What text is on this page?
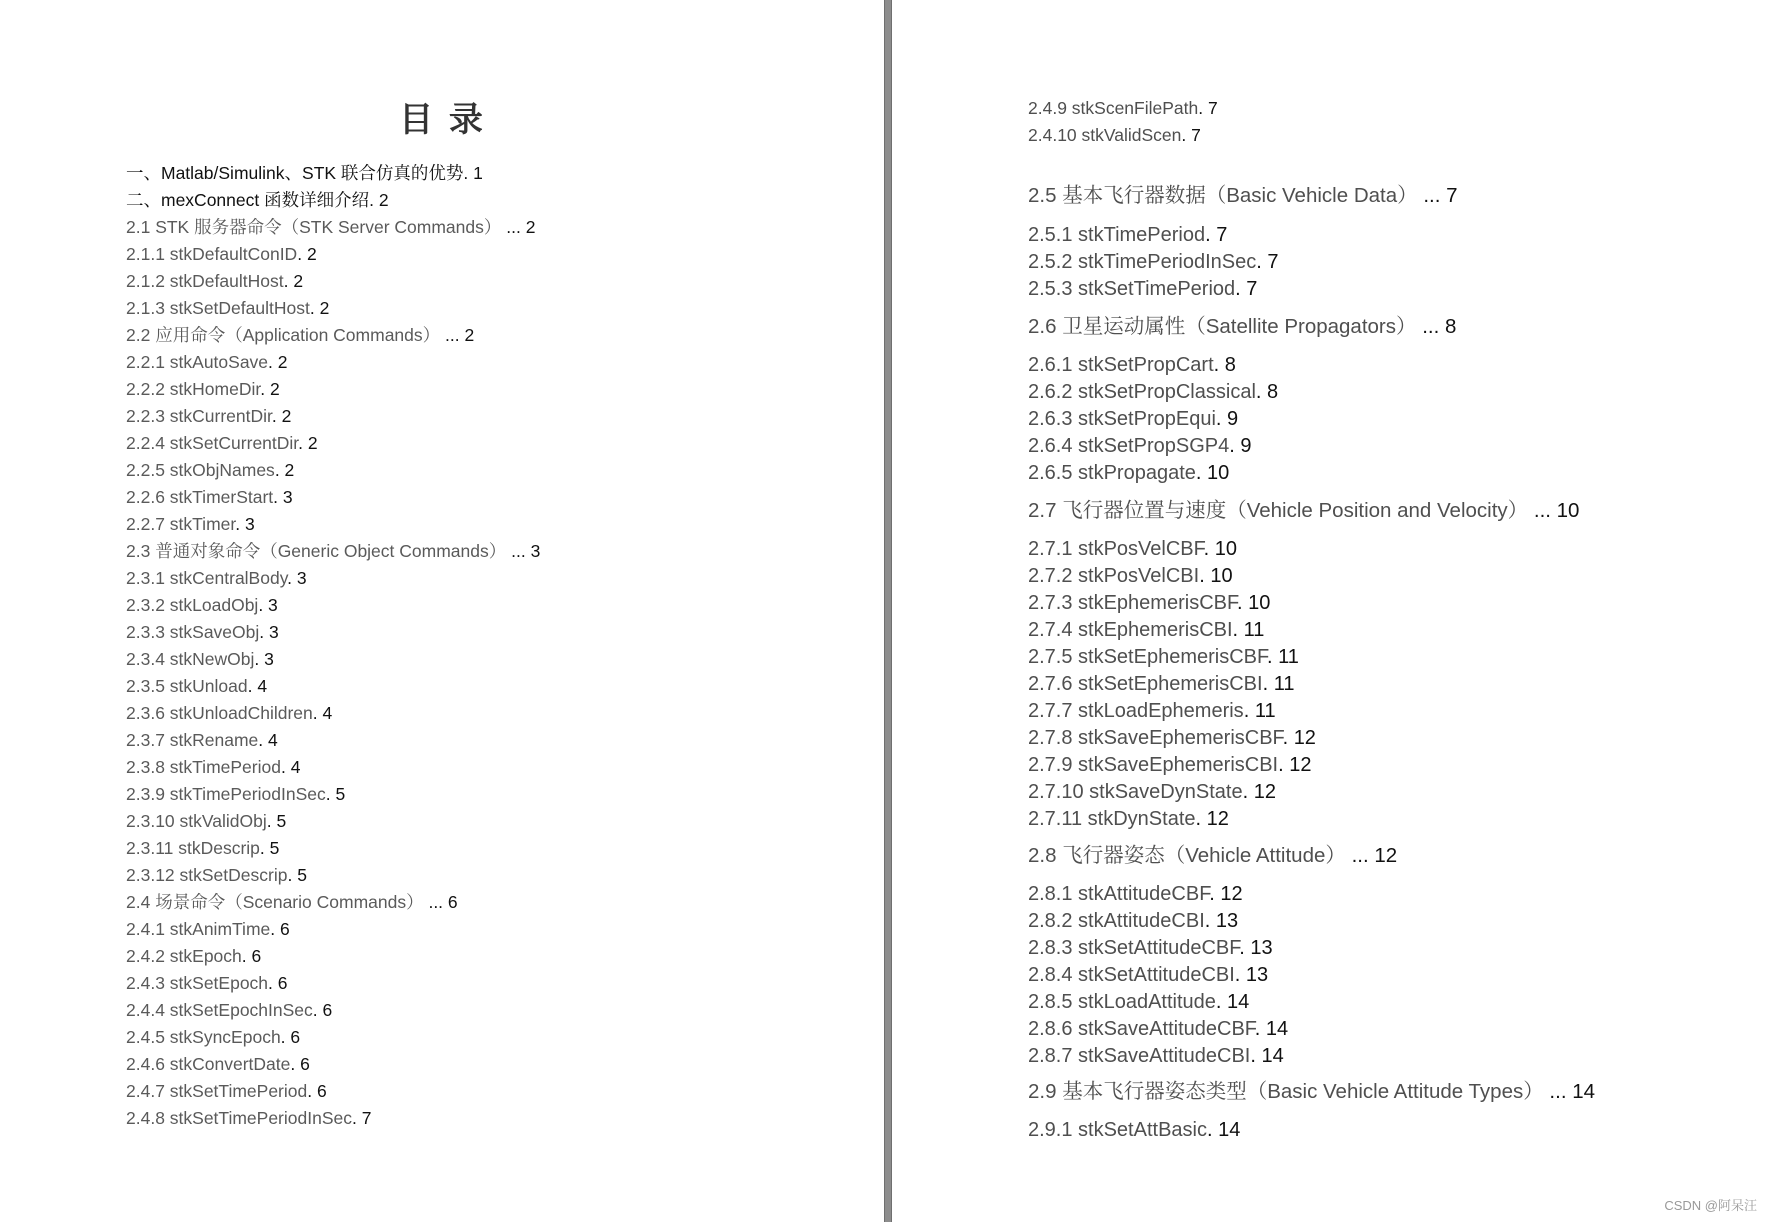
目 录
一、Matlab/Simulink、STK 联合仿真的优势. 1
二、mexConnect 函数详细介绍. 2
2.1 STK 服务器命令（STK Server Commands） ... 2
2.1.1 stkDefaultConID. 2
2.1.2 stkDefaultHost. 2
2.1.3 stkSetDefaultHost. 2
2.2 应用命令（Application Commands） ... 2
2.2.1 stkAutoSave. 2
2.2.2 stkHomeDir. 2
2.2.3 stkCurrentDir. 2
2.2.4 stkSetCurrentDir. 2
2.2.5 stkObjNames. 2
2.2.6 stkTimerStart. 3
2.2.7 stkTimer. 3
2.3 普通对象命令（Generic Object Commands） ... 3
2.3.1 stkCentralBody. 3
2.3.2 stkLoadObj. 3
2.3.3 stkSaveObj. 3
2.3.4 stkNewObj. 3
2.3.5 stkUnload. 4
2.3.6 stkUnloadChildren. 4
2.3.7 stkRename. 4
2.3.8 stkTimePeriod. 4
2.3.9 stkTimePeriodInSec. 5
2.3.10 stkValidObj. 5
2.3.11 stkDescrip. 5
2.3.12 stkSetDescrip. 5
2.4 场景命令（Scenario Commands） ... 6
2.4.1 stkAnimTime. 6
2.4.2 stkEpoch. 6
2.4.3 stkSetEpoch. 6
2.4.4 stkSetEpochInSec. 6
2.4.5 stkSyncEpoch. 6
2.4.6 stkConvertDate. 6
2.4.7 stkSetTimePeriod. 6
2.4.8 stkSetTimePeriodInSec. 7
2.4.9 stkScenFilePath. 7
2.4.10 stkValidScen. 7
2.5 基本飞行器数据（Basic Vehicle Data） ... 7
2.5.1 stkTimePeriod. 7
2.5.2 stkTimePeriodInSec. 7
2.5.3 stkSetTimePeriod. 7
2.6 卫星运动属性（Satellite Propagators） ... 8
2.6.1 stkSetPropCart. 8
2.6.2 stkSetPropClassical. 8
2.6.3 stkSetPropEqui. 9
2.6.4 stkSetPropSGP4. 9
2.6.5 stkPropagate. 10
2.7 飞行器位置与速度（Vehicle Position and Velocity） ... 10
2.7.1 stkPosVelCBF. 10
2.7.2 stkPosVelCBI. 10
2.7.3 stkEphemerisCBF. 10
2.7.4 stkEphemerisCBI. 11
2.7.5 stkSetEphemerisCBF. 11
2.7.6 stkSetEphemerisCBI. 11
2.7.7 stkLoadEphemeris. 11
2.7.8 stkSaveEphemerisCBF. 12
2.7.9 stkSaveEphemerisCBI. 12
2.7.10 stkSaveDynState. 12
2.7.11 stkDynState. 12
2.8 飞行器姿态（Vehicle Attitude） ... 12
2.8.1 stkAttitudeCBF. 12
2.8.2 stkAttitudeCBI. 13
2.8.3 stkSetAttitudeCBF. 13
2.8.4 stkSetAttitudeCBI. 13
2.8.5 stkLoadAttitude. 14
2.8.6 stkSaveAttitudeCBF. 14
2.8.7 stkSaveAttitudeCBI. 14
2.9 基本飞行器姿态类型（Basic Vehicle Attitude Types） ... 14
2.9.1 stkSetAttBasic. 14
CSDN @阿呆汪
